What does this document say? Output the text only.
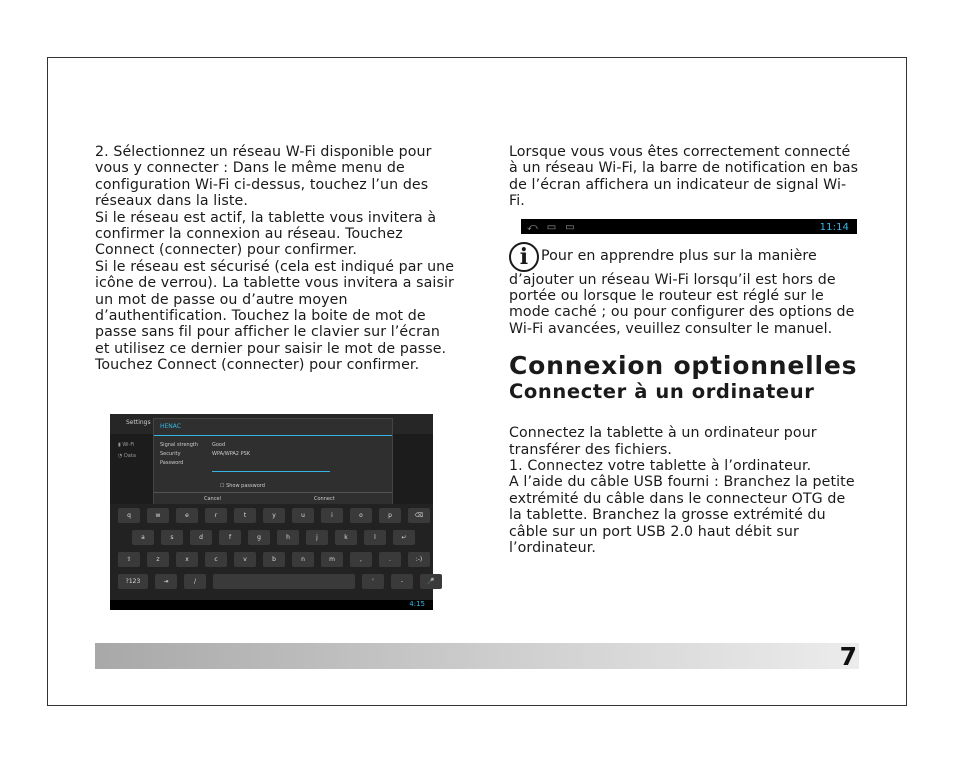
2. Sélectionnez un réseau W-Fi disponible pour vous y connecter : Dans le même menu de configuration Wi-Fi ci-dessus, touchez l’un des réseaux dans la liste.

Si le réseau est actif, la tablette vous invitera à confirmer la connexion au réseau. Touchez Connect (connecter) pour confirmer.

Si le réseau est sécurisé (cela est indiqué par une icône de verrou). La tablette vous invitera a saisir un mot de passe ou d’autre moyen d’authentification. Touchez la boite de mot de passe sans fil pour afficher le clavier sur l’écran et utilisez ce dernier pour saisir le mot de passe. Touchez Connect (connecter) pour confirmer.

Settings
▮ Wi-Fi
◔ Data
HENAC
Signal strength	Good
Security	WPA/WPA2 PSK
Password
☐ Show password
Cancel	Connect
q	w	e	r	t	y	u	i	o	p	⌫
a	s	d	f	g	h	j	k	l	↵
⇧	z	x	c	v	b	n	m	,	.	:-)
?123	⇥	/	'	-	🎤
4:15

Lorsque vous vous êtes correctement connecté à un réseau Wi-Fi, la barre de notification en bas de l’écran affichera un indicateur de signal Wi-Fi.

⤺▭▭	11:14
i Pour en apprendre plus sur la manière d’ajouter un réseau Wi-Fi lorsqu’il est hors de portée ou lorsque le routeur est réglé sur le mode caché ; ou pour configurer des options de Wi-Fi avancées, veuillez consulter le manuel.
Connexion optionnelles
Connecter à un ordinateur

Connectez la tablette à un ordinateur pour transférer des fichiers.

1. Connectez votre tablette à l’ordinateur.

A l’aide du câble USB fourni : Branchez la petite extrémité du câble dans le connecteur OTG de la tablette. Branchez la grosse extrémité du câble sur un port USB 2.0 haut débit sur l’ordinateur.

7
